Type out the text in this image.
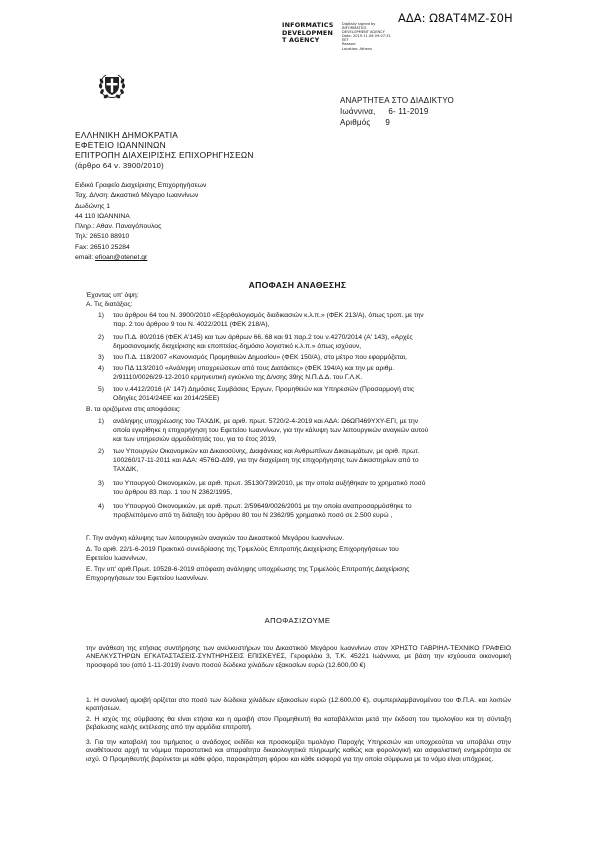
ΑΔΑ: Ω8ΑΤ4ΜΖ-Σ0Η
INFORMATICS
DEVELOPMEN
T AGENCY
Digitally signed by
INFORMATICS
DEVELOPMENT AGENCY
Date: 2019.11.06 09:07:31
EET
Reason:
Location: Athens
ΑΝΑΡΤΗΤΕΑ ΣΤΟ ΔΙΑΔΙΚΤΥΟ
Ιωάννινα, 6- 11-2019
Αριθμός 9
ΕΛΛΗΝΙΚΗ ΔΗΜΟΚΡΑΤΙΑ
ΕΦΕΤΕΙΟ ΙΩΑΝΝΙΝΩΝ
ΕΠΙΤΡΟΠΗ ΔΙΑΧΕΙΡΙΣΗΣ ΕΠΙΧΟΡΗΓΗΣΕΩΝ
(άρθρο 64 ν. 3900/2010)
Ειδικό Γραφείο Διαχείρισης Επιχορηγήσεων
Ταχ. Δ/νση: Δικαστικό Μέγαρο Ιωαννίνων
Δωδώνης 1
44 110 ΙΩΑΝΝΙΝΑ
Πληρ.: Αθαν. Παναγόπουλος
Τηλ: 26510 88910
Fax: 26510 25284
email: efioan@otenet.gr
ΑΠΟΦΑΣΗ ΑΝΑΘΕΣΗΣ
Έχοντας υπ' όψη:
Α. Τις διατάξεις:
1) του άρθρου 64 του Ν. 3900/2010 «Εξορθολογισμός διαδικασιών κ.λ.π.» (ΦΕΚ 213/Α), όπως τροπ. με την
παρ. 2 του άρθρου 9 του Ν. 4022/2011 (ΦΕΚ 218/Α),
2) του Π.Δ. 80/2016 (ΦΕΚ Α'145) και των άρθρων 66, 68 και 91 παρ.2 του ν.4270/2014 (Α' 143), «Αρχές
δημοσιονομικής διαχείρισης και εποπτείας-δημόσιο λογιστικό κ.λ.π.» όπως ισχύουν,
3) του Π.Δ. 118/2007 «Κανονισμός Προμηθειών Δημοσίου» (ΦΕΚ 150/Α), στο μέτρο που εφαρμόζεται,
4) του ΠΔ 113/2010 «Ανάληψη υποχρεώσεων από τους Διατάκτες» (ΦΕΚ 194/Α) και την με αριθμ.
2/91110/0026/29-12-2010 ερμηνευτική εγκύκλιο της Δ/νσης 39ης Ν.Π.Δ.Δ. του Γ.Λ.Κ.
5) του ν.4412/2016 (Α' 147) Δημόσιες Συμβάσεις Έργων, Προμηθειών και Υπηρεσιών (Προσαρμογή στις
Οδηγίες 2014/24ΕΕ και 2014/25ΕΕ)
Β. τα οριζόμενα στις αποφάσεις:
1) ανάληψης υποχρέωσης του ΤΑΧΔΙΚ, με αριθ. πρωτ. 5720/2-4-2019 και ΑΔΑ: Ω6ΩΠ469ΥΧΥ-ΕΓΙ, με την
οποία εγκρίθηκε η επιχορήγηση του Εφετείου Ιωαννίνων, για την κάλυψη των λειτουργικών αναγκών αυτού
και των υπηρεσιών αρμοδιότητάς του, για το έτος 2019,
2) των Υπουργών Οικονομικών και Δικαιοσύνης, Διαφάνειας και Ανθρωπίνων Δικαιωμάτων, με αριθ. πρωτ.
100260/17-11-2011 και ΑΔΑ: 4576Ω-Δ99, για την διαχείριση της επιχορήγησης των Δικαστηρίων από το
ΤΑΧΔΙΚ,
3) του Υπουργού Οικονομικών, με αριθ. πρωτ. 35130/739/2010, με την οποία αυξήθηκαν το χρηματικό ποσό
του άρθρου 83 παρ. 1 του Ν 2362/1995,
4) του Υπουργού Οικονομικών, με αριθ. πρωτ. 2/59649/0026/2001 με την οποία αναπροσαρμόσθηκε το
προβλεπόμενο από τη διάταξη του άρθρου 80 του Ν 2362/95 χρηματικό ποσό σε 2.500 ευρώ ,
Γ. Την ανάγκη κάλυψης των λειτουργικών αναγκών του Δικαστικού Μεγάρου Ιωαννίνων.
Δ. Το αριθ. 22/1-6-2019 Πρακτικό συνεδρίασης της Τριμελούς Επιτροπής Διαχείρισης Επιχορηγήσεων του
Εφετείου Ιωαννίνων,
Ε. Την υπ' αριθ.Πρωτ. 10528-6-2019 απόφαση ανάληψης υποχρέωσης της Τριμελούς Επιτροπής Διαχείρισης
Επιχορηγήσεων του Εφετείου Ιωαννίνων.
ΑΠΟΦΑΣΙΖΟΥΜΕ
την ανάθεση της ετήσιας συντήρησης των ανελκυστήρων του Δικαστικού Μεγάρου Ιωαννίνων στον ΧΡΗΣΤΟ ΓΑΒΡΙΗΛ-ΤΕΧΝΙΚΟ ΓΡΑΦΕΙΟ ΑΝΕΛΚΥΣΤΗΡΩΝ ΕΓΚΑΤΑΣΤΑΣΕΙΣ-ΣΥΝΤΗΡΗΣΕΙΣ ΕΠΙΣΚΕΥΕΣ, Γεροφιλάκι 3, Τ.Κ. 45221 Ιωάννινα, με βάση την ισχύουσα οικονομική προσφορά του (από 1-11-2019) έναντι ποσού δώδεκα χιλιάδων εξακοσίων ευρώ (12.600,00 €)
1. Η συνολική αμοιβή ορίζεται στο ποσό των δώδεκα χιλιάδων εξακοσίων ευρώ (12.600,00 €), συμπεριλαμβανομένου του Φ.Π.Α. και λοιπών κρατήσεων.
2. Η ισχύς της σύμβασης θα είναι ετήσια και η αμοιβή στον Προμηθευτή θα καταβάλλεται μετά την έκδοση του τιμολογίου και τη σύνταξη βεβαίωσης καλής εκτέλεσης από την αρμόδια επιτροπή.
3. Για την καταβολή του τιμήματος ο ανάδοχος εκδίδει και προσκομίζει τιμολόγιο Παροχής Υπηρεσιών και υποχρεούται να υποβάλει στην αναθέτουσα αρχή τα νόμιμα παραστατικά και απαραίτητα δικαιολογητικά πληρωμής καθώς και φορολογική και ασφαλιστική ενημερότητα σε ισχύ. Ο Προμηθευτής βαρύνεται με κάθε φόρο, παρακράτηση φόρου και κάθε εισφορά για την οποία σύμφωνα με το νόμο είναι υπόχρεος.
